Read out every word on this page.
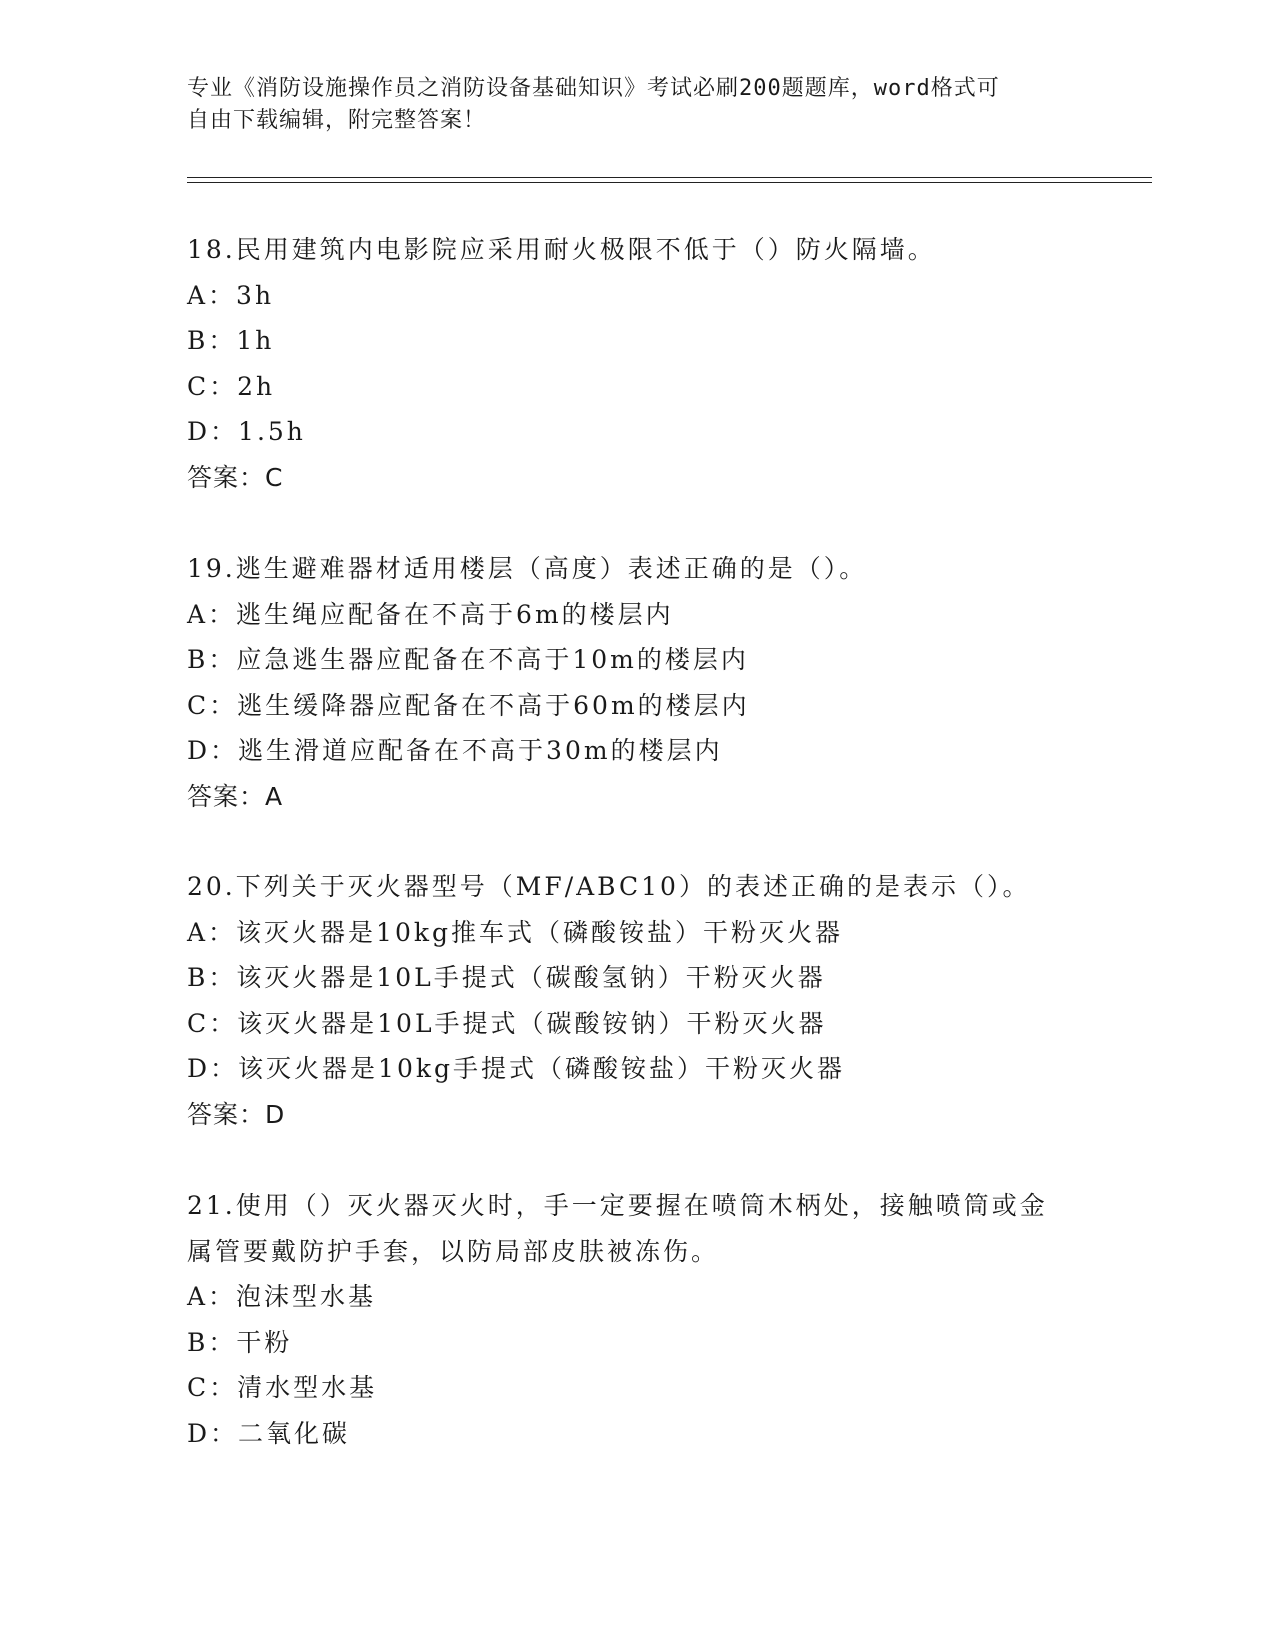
专业《消防设施操作员之消防设备基础知识》考试必刷200题题库，word格式可
自由下载编辑，附完整答案！
18.民用建筑内电影院应采用耐火极限不低于（）防火隔墙。
A：3h
B：1h
C：2h
D：1.5h
答案：C
19.逃生避难器材适用楼层（高度）表述正确的是（）。
A：逃生绳应配备在不高于6m的楼层内
B：应急逃生器应配备在不高于10m的楼层内
C：逃生缓降器应配备在不高于60m的楼层内
D：逃生滑道应配备在不高于30m的楼层内
答案：A
20.下列关于灭火器型号（MF/ABC10）的表述正确的是表示（）。
A：该灭火器是10kg推车式（磷酸铵盐）干粉灭火器
B：该灭火器是10L手提式（碳酸氢钠）干粉灭火器
C：该灭火器是10L手提式（碳酸铵钠）干粉灭火器
D：该灭火器是10kg手提式（磷酸铵盐）干粉灭火器
答案：D
21.使用（）灭火器灭火时，手一定要握在喷筒木柄处，接触喷筒或金
属管要戴防护手套，以防局部皮肤被冻伤。
A：泡沫型水基
B：干粉
C：清水型水基
D：二氧化碳
